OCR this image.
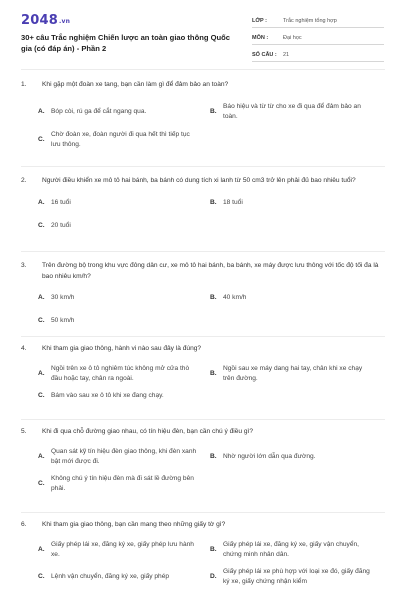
2048.vn
30+ câu Trắc nghiệm Chiến lược an toàn giao thông Quốc gia (có đáp án) - Phần 2
LỚP :	Trắc nghiệm tổng hợp
MÔN :	Đại học
SỐ CÂU :	21
1.	Khi gặp một đoàn xe tang, bạn cần làm gì để đảm bảo an toàn?
A. Bóp còi, rú ga để cắt ngang qua.	B.
Báo hiệu và từ từ cho xe đi qua để đảm bảo an toàn.
C.
Chờ đoàn xe, đoàn người đi qua hết thì tiếp tục lưu thông.
2.	Người điều khiển xe mô tô hai bánh, ba bánh có dung tích xi lanh từ 50 cm3 trở lên phải đủ bao nhiêu tuổi?
A. 16 tuổi	B. 18 tuổi
C. 20 tuổi
3.	Trên đường bộ trong khu vực đông dân cư, xe mô tô hai bánh, ba bánh, xe máy được lưu thông với tốc độ tối đa là bao nhiêu km/h?
A. 30 km/h	B. 40 km/h
C. 50 km/h
4.	Khi tham gia giao thông, hành vi nào sau đây là đúng?
A.
Ngồi trên xe ô tô nghiêm túc không mở cửa thò đầu hoặc tay, chân ra ngoài.
B.
Ngồi sau xe máy dang hai tay, chân khi xe chạy trên đường.
C. Bám vào sau xe ô tô khi xe đang chạy.
5.	Khi đi qua chỗ đường giao nhau, có tín hiệu đèn, bạn cần chú ý điều gì?
A.
Quan sát kỹ tín hiệu đèn giao thông, khi đèn xanh bật mới được đi.
B. Nhờ người lớn dẫn qua đường.
C.
Không chú ý tín hiệu đèn mà đi sát lề đường bên phải.
6.	Khi tham gia giao thông, bạn cần mang theo những giấy tờ gì?
A.
Giấy phép lái xe, đăng ký xe, giấy phép lưu hành xe.
B.
Giấy phép lái xe, đăng ký xe, giấy vận chuyển, chứng minh nhân dân.
C. Lệnh vận chuyển, đăng ký xe, giấy phép	D.
Giấy phép lái xe phù hợp với loại xe đó, giấy đăng ký xe, giấy chứng nhận kiểm
